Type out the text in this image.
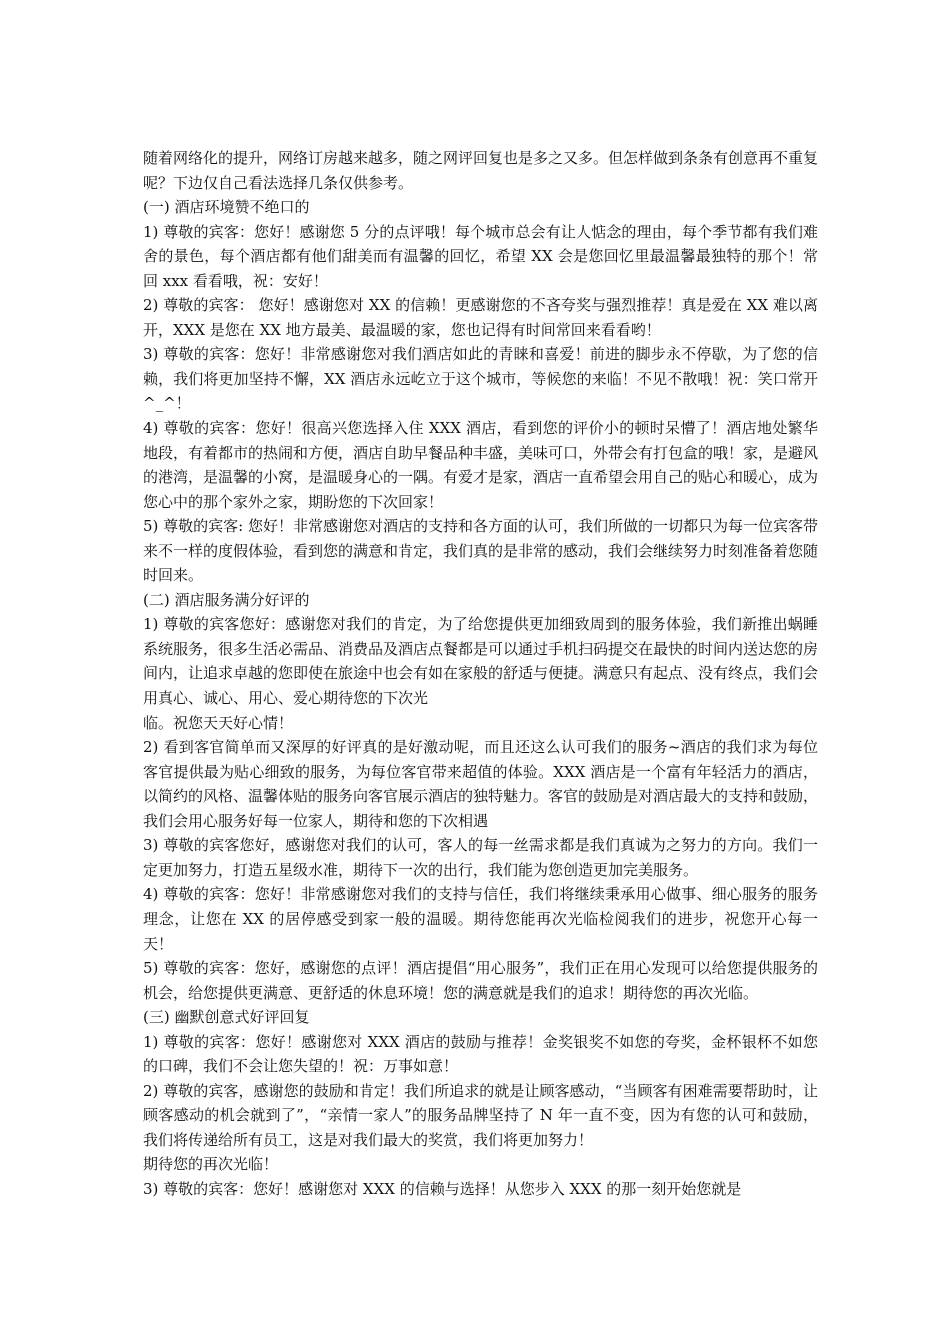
随着网络化的提升，网络订房越来越多，随之网评回复也是多之又多。但怎样做到条条有创意再不重复呢？下边仅自己看法选择几条仅供参考。

(一) 酒店环境赞不绝口的

1) 尊敬的宾客：您好！感谢您 5 分的点评哦！每个城市总会有让人惦念的理由，每个季节都有我们难舍的景色，每个酒店都有他们甜美而有温馨的回忆，希望 XX 会是您回忆里最温馨最独特的那个！常回 xxx 看看哦，祝：安好！

2) 尊敬的宾客： 您好！感谢您对 XX 的信赖！更感谢您的不吝夸奖与强烈推荐！真是爱在 XX 难以离开，XXX 是您在 XX 地方最美、最温暖的家，您也记得有时间常回来看看哟！

3) 尊敬的宾客：您好！非常感谢您对我们酒店如此的青睐和喜爱！前进的脚步永不停歇，为了您的信赖，我们将更加坚持不懈，XX 酒店永远屹立于这个城市，等候您的来临！不见不散哦！祝：笑口常开^_^！

4) 尊敬的宾客：您好！很高兴您选择入住 XXX 酒店，看到您的评价小的顿时呆懵了！酒店地处繁华地段，有着都市的热闹和方便，酒店自助早餐品种丰盛，美味可口，外带会有打包盒的哦！家，是避风的港湾，是温馨的小窝，是温暖身心的一隅。有爱才是家，酒店一直希望会用自己的贴心和暖心，成为您心中的那个家外之家，期盼您的下次回家！

5) 尊敬的宾客: 您好！非常感谢您对酒店的支持和各方面的认可，我们所做的一切都只为每一位宾客带来不一样的度假体验，看到您的满意和肯定，我们真的是非常的感动，我们会继续努力时刻准备着您随时回来。

(二) 酒店服务满分好评的

1) 尊敬的宾客您好：感谢您对我们的肯定，为了给您提供更加细致周到的服务体验，我们新推出蜗睡系统服务，很多生活必需品、消费品及酒店点餐都是可以通过手机扫码提交在最快的时间内送达您的房间内，让追求卓越的您即使在旅途中也会有如在家般的舒适与便捷。满意只有起点、没有终点，我们会用真心、诚心、用心、爱心期待您的下次光

临。祝您天天好心情！

2) 看到客官简单而又深厚的好评真的是好激动呢，而且还这么认可我们的服务~酒店的我们求为每位客官提供最为贴心细致的服务，为每位客官带来超值的体验。XXX 酒店是一个富有年轻活力的酒店，以简约的风格、温馨体贴的服务向客官展示酒店的独特魅力。客官的鼓励是对酒店最大的支持和鼓励，我们会用心服务好每一位家人，期待和您的下次相遇

3) 尊敬的宾客您好，感谢您对我们的认可，客人的每一丝需求都是我们真诚为之努力的方向。我们一定更加努力，打造五星级水准，期待下一次的出行，我们能为您创造更加完美服务。

4) 尊敬的宾客：您好！非常感谢您对我们的支持与信任，我们将继续秉承用心做事、细心服务的服务理念，让您在 XX 的居停感受到家一般的温暖。期待您能再次光临检阅我们的进步，祝您开心每一天！

5) 尊敬的宾客：您好，感谢您的点评！酒店提倡“用心服务”，我们正在用心发现可以给您提供服务的机会，给您提供更满意、更舒适的休息环境！您的满意就是我们的追求！期待您的再次光临。

(三) 幽默创意式好评回复

1) 尊敬的宾客：您好！感谢您对 XXX 酒店的鼓励与推荐！金奖银奖不如您的夸奖，金杯银杯不如您的口碑，我们不会让您失望的！祝：万事如意！

2) 尊敬的宾客，感谢您的鼓励和肯定！我们所追求的就是让顾客感动，“当顾客有困难需要帮助时，让顾客感动的机会就到了”，“亲情一家人”的服务品牌坚持了 N 年一直不变，因为有您的认可和鼓励，我们将传递给所有员工，这是对我们最大的奖赏，我们将更加努力！

期待您的再次光临！

3) 尊敬的宾客：您好！感谢您对 XXX 的信赖与选择！从您步入 XXX 的那一刻开始您就是
